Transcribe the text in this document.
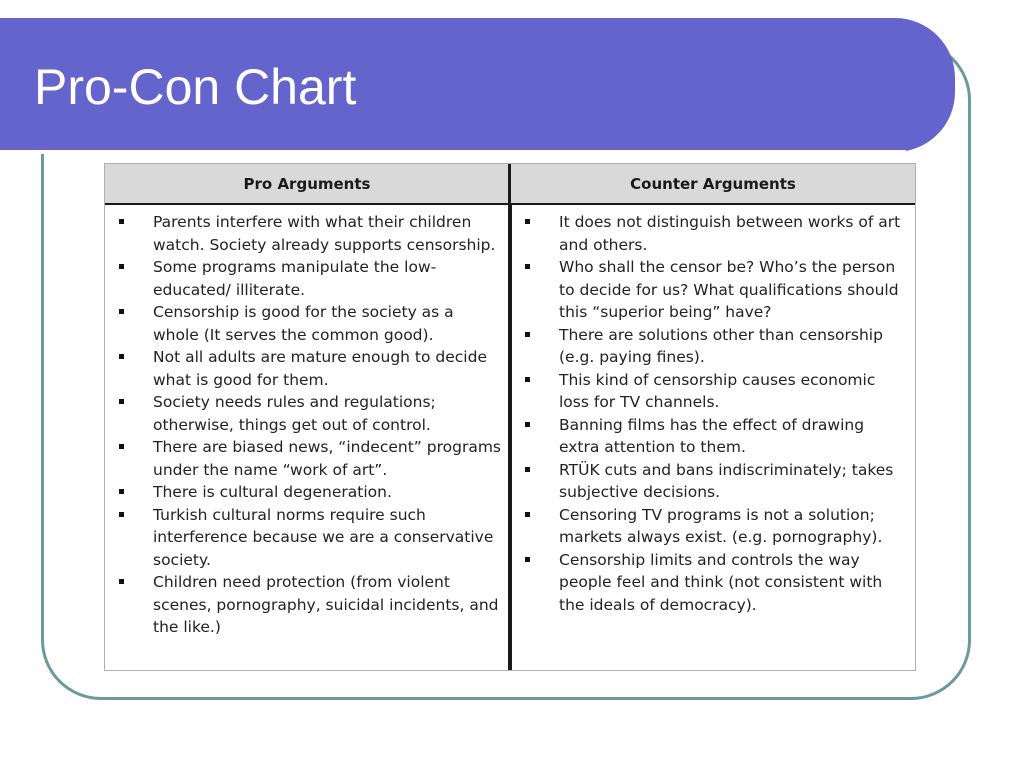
Pro-Con Chart
Pro Arguments
Parents interfere with what their children watch. Society already supports censorship.
Some programs manipulate the low-educated/ illiterate.
Censorship is good for the society as a whole (It serves the common good).
Not all adults are mature enough to decide what is good for them.
Society needs rules and regulations; otherwise, things get out of control.
There are biased news, “indecent” programs under the name “work of art”.
There is cultural degeneration.
Turkish cultural norms require such interference because we are a conservative society.
Children need protection (from violent scenes, pornography, suicidal incidents, and the like.)
Counter Arguments
It does not distinguish between works of art and others.
Who shall the censor be? Who’s the person to decide for us? What qualifications should this “superior being” have?
There are solutions other than censorship (e.g. paying fines).
This kind of censorship causes economic loss for TV channels.
Banning films has the effect of drawing extra attention to them.
RTÜK cuts and bans indiscriminately; takes subjective decisions.
Censoring TV programs is not a solution; markets always exist. (e.g. pornography).
Censorship limits and controls the way people feel and think (not consistent with the ideals of democracy).
